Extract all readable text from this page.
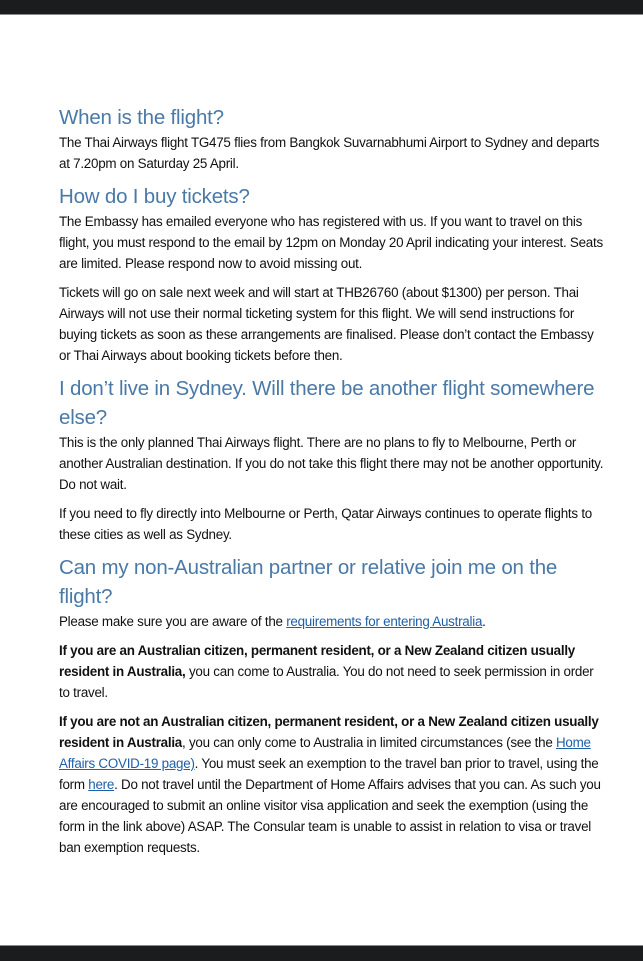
When is the flight?

The Thai Airways flight TG475 flies from Bangkok Suvarnabhumi Airport to Sydney and departs at 7.20pm on Saturday 25 April.

How do I buy tickets?

The Embassy has emailed everyone who has registered with us. If you want to travel on this flight, you must respond to the email by 12pm on Monday 20 April indicating your interest. Seats are limited. Please respond now to avoid missing out.

Tickets will go on sale next week and will start at THB26760 (about $1300) per person. Thai Airways will not use their normal ticketing system for this flight. We will send instructions for buying tickets as soon as these arrangements are finalised. Please don’t contact the Embassy or Thai Airways about booking tickets before then.

I don’t live in Sydney. Will there be another flight somewhere else?

This is the only planned Thai Airways flight. There are no plans to fly to Melbourne, Perth or another Australian destination. If you do not take this flight there may not be another opportunity. Do not wait.

If you need to fly directly into Melbourne or Perth, Qatar Airways continues to operate flights to these cities as well as Sydney.

Can my non-Australian partner or relative join me on the flight?

Please make sure you are aware of the requirements for entering Australia.

If you are an Australian citizen, permanent resident, or a New Zealand citizen usually resident in Australia, you can come to Australia. You do not need to seek permission in order to travel.

If you are not an Australian citizen, permanent resident, or a New Zealand citizen usually resident in Australia, you can only come to Australia in limited circumstances (see the Home Affairs COVID-19 page). You must seek an exemption to the travel ban prior to travel, using the form here. Do not travel until the Department of Home Affairs advises that you can. As such you are encouraged to submit an online visitor visa application and seek the exemption (using the form in the link above) ASAP. The Consular team is unable to assist in relation to visa or travel ban exemption requests.
